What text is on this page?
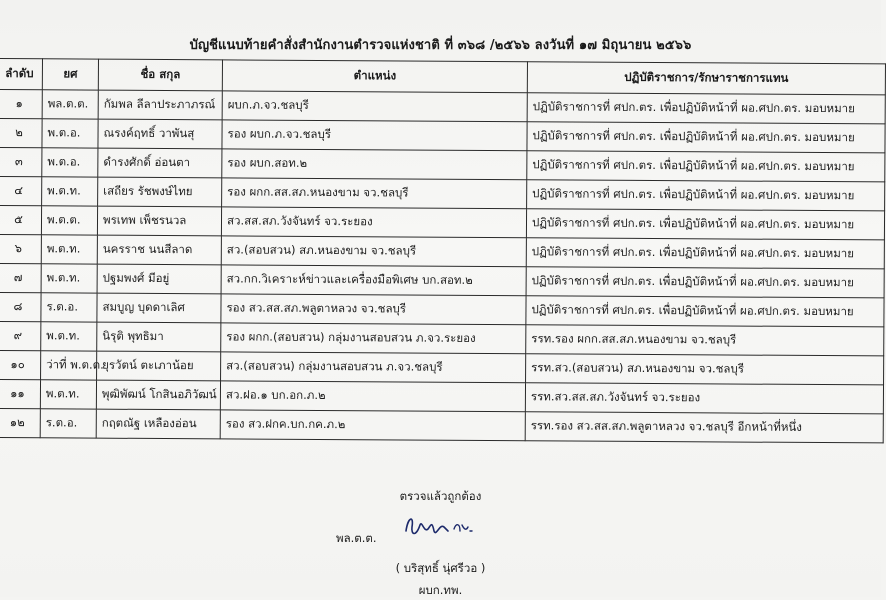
บัญชีแนบท้ายคำสั่งสำนักงานตำรวจแห่งชาติ ที่ ๓๖๘ /๒๕๖๖ ลงวันที่ ๑๗ มิถุนายน ๒๕๖๖
ลำดับ	ยศ	ชื่อ สกุล	ตำแหน่ง	ปฏิบัติราชการ/รักษาราชการแทน
๑	พล.ต.ต.	กัมพล ลีลาประภาภรณ์	ผบก.ภ.จว.ชลบุรี	ปฏิบัติราชการที่ ศปก.ตร. เพื่อปฏิบัติหน้าที่ ผอ.ศปก.ตร. มอบหมาย
๒	พ.ต.อ.	ณรงค์ฤทธิ์ วาพันสุ	รอง ผบก.ภ.จว.ชลบุรี	ปฏิบัติราชการที่ ศปก.ตร. เพื่อปฏิบัติหน้าที่ ผอ.ศปก.ตร. มอบหมาย
๓	พ.ต.อ.	ดำรงศักดิ์ อ่อนตา	รอง ผบก.สอท.๒	ปฏิบัติราชการที่ ศปก.ตร. เพื่อปฏิบัติหน้าที่ ผอ.ศปก.ตร. มอบหมาย
๔	พ.ต.ท.	เสถียร รัชพงษ์ไทย	รอง ผกก.สส.สภ.หนองขาม จว.ชลบุรี	ปฏิบัติราชการที่ ศปก.ตร. เพื่อปฏิบัติหน้าที่ ผอ.ศปก.ตร. มอบหมาย
๕	พ.ต.ต.	พรเทพ เพ็ชรนวล	สว.สส.สภ.วังจันทร์ จว.ระยอง	ปฏิบัติราชการที่ ศปก.ตร. เพื่อปฏิบัติหน้าที่ ผอ.ศปก.ตร. มอบหมาย
๖	พ.ต.ท.	นครราช นนสีลาด	สว.(สอบสวน) สภ.หนองขาม จว.ชลบุรี	ปฏิบัติราชการที่ ศปก.ตร. เพื่อปฏิบัติหน้าที่ ผอ.ศปก.ตร. มอบหมาย
๗	พ.ต.ท.	ปฐมพงศ์ มีอยู่	สว.กก.วิเคราะห์ข่าวและเครื่องมือพิเศษ บก.สอท.๒	ปฏิบัติราชการที่ ศปก.ตร. เพื่อปฏิบัติหน้าที่ ผอ.ศปก.ตร. มอบหมาย
๘	ร.ต.อ.	สมบูญ บุดดาเลิศ	รอง สว.สส.สภ.พลูตาหลวง จว.ชลบุรี	ปฏิบัติราชการที่ ศปก.ตร. เพื่อปฏิบัติหน้าที่ ผอ.ศปก.ตร. มอบหมาย
๙	พ.ต.ท.	นิรุติ พุทธิมา	รอง ผกก.(สอบสวน) กลุ่มงานสอบสวน ภ.จว.ระยอง	รรท.รอง ผกก.สส.สภ.หนองขาม จว.ชลบุรี
๑๐	ว่าที่ พ.ต.ต.	ยุรวัตน์ ตะเภาน้อย	สว.(สอบสวน) กลุ่มงานสอบสวน ภ.จว.ชลบุรี	รรท.สว.(สอบสวน) สภ.หนองขาม จว.ชลบุรี
๑๑	พ.ต.ท.	พุฒิพัฒน์ โกสินอภิวัฒน์	สว.ฝอ.๑ บก.อก.ภ.๒	รรท.สว.สส.สภ.วังจันทร์ จว.ระยอง
๑๒	ร.ต.อ.	กฤตณัฐ เหลืองอ่อน	รอง สว.ฝกค.บก.กค.ภ.๒	รรท.รอง สว.สส.สภ.พลูตาหลวง จว.ชลบุรี อีกหน้าที่หนึ่ง
ตรวจแล้วถูกต้อง
พล.ต.ต.
( บริสุทธิ์ นุ่ศรีวอ )
ผบก.ทพ.
